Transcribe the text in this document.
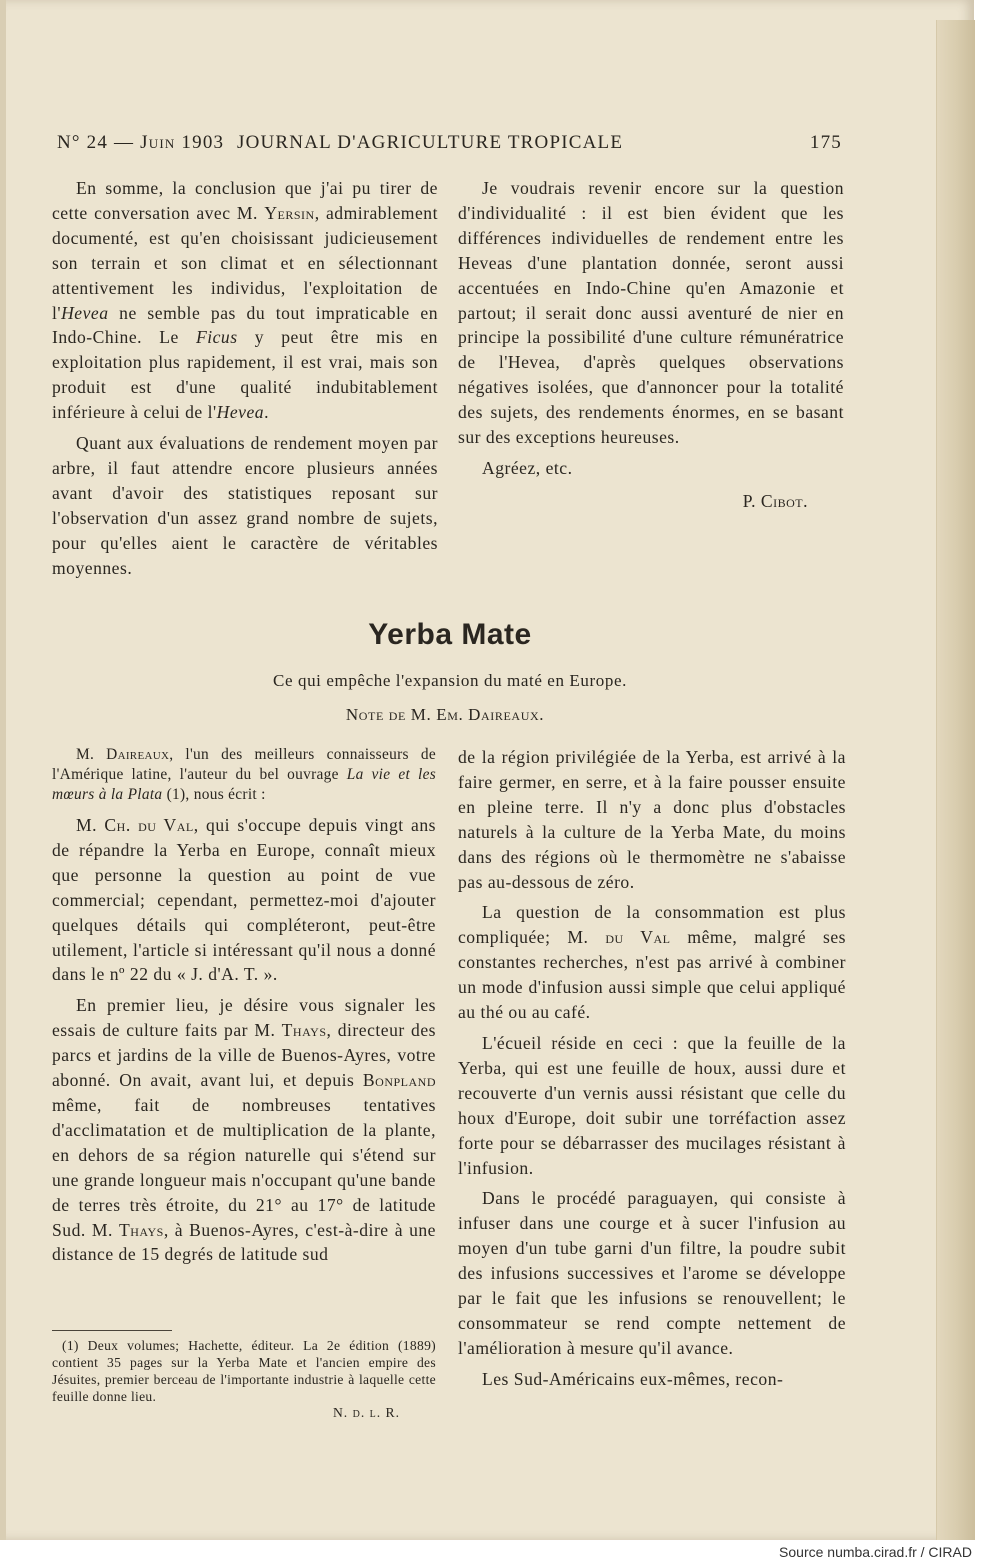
N° 24 — Juin 1903 JOURNAL D'AGRICULTURE TROPICALE	175

En somme, la conclusion que j'ai pu tirer de cette conversation avec M. Yersin, admirablement documenté, est qu'en choisissant judicieusement son terrain et son climat et en sélectionnant attentivement les individus, l'exploitation de l'Hevea ne semble pas du tout impraticable en Indo-Chine. Le Ficus y peut être mis en exploitation plus rapidement, il est vrai, mais son produit est d'une qualité indubitablement inférieure à celui de l'Hevea.

Quant aux évaluations de rendement moyen par arbre, il faut attendre encore plusieurs années avant d'avoir des statistiques reposant sur l'observation d'un assez grand nombre de sujets, pour qu'elles aient le caractère de véritables moyennes.

Je voudrais revenir encore sur la question d'individualité : il est bien évident que les différences individuelles de rendement entre les Heveas d'une plantation donnée, seront aussi accentuées en Indo-Chine qu'en Amazonie et partout; il serait donc aussi aventuré de nier en principe la possibilité d'une culture rémunératrice de l'Hevea, d'après quelques observations négatives isolées, que d'annoncer pour la totalité des sujets, des rendements énormes, en se basant sur des exceptions heureuses.

Agréez, etc.

P. Cibot.
Yerba Mate
Ce qui empêche l'expansion du maté en Europe.
Note de M. Em. Daireaux.

M. Daireaux, l'un des meilleurs connaisseurs de l'Amérique latine, l'auteur du bel ouvrage La vie et les mœurs à la Plata (1), nous écrit :

M. Ch. du Val, qui s'occupe depuis vingt ans de répandre la Yerba en Europe, connaît mieux que personne la question au point de vue commercial; cependant, permettez-moi d'ajouter quelques détails qui compléteront, peut-être utilement, l'article si intéressant qu'il nous a donné dans le nº 22 du « J. d'A. T. ».

En premier lieu, je désire vous signaler les essais de culture faits par M. Thays, directeur des parcs et jardins de la ville de Buenos-Ayres, votre abonné. On avait, avant lui, et depuis Bonpland même, fait de nombreuses tentatives d'acclimatation et de multiplication de la plante, en dehors de sa région naturelle qui s'étend sur une grande longueur mais n'occupant qu'une bande de terres très étroite, du 21° au 17° de latitude Sud. M. Thays, à Buenos-Ayres, c'est-à-dire à une distance de 15 degrés de latitude sud

(1) Deux volumes; Hachette, éditeur. La 2e édition (1889) contient 35 pages sur la Yerba Mate et l'ancien empire des Jésuites, premier berceau de l'importante industrie à laquelle cette feuille donne lieu.
N. d. l. R.

de la région privilégiée de la Yerba, est arrivé à la faire germer, en serre, et à la faire pousser ensuite en pleine terre. Il n'y a donc plus d'obstacles naturels à la culture de la Yerba Mate, du moins dans des régions où le thermomètre ne s'abaisse pas au-dessous de zéro.

La question de la consommation est plus compliquée; M. du Val même, malgré ses constantes recherches, n'est pas arrivé à combiner un mode d'infusion aussi simple que celui appliqué au thé ou au café.

L'écueil réside en ceci : que la feuille de la Yerba, qui est une feuille de houx, aussi dure et recouverte d'un vernis aussi résistant que celle du houx d'Europe, doit subir une torréfaction assez forte pour se débarrasser des mucilages résistant à l'infusion.

Dans le procédé paraguayen, qui consiste à infuser dans une courge et à sucer l'infusion au moyen d'un tube garni d'un filtre, la poudre subit des infusions successives et l'arome se développe par le fait que les infusions se renouvellent; le consommateur se rend compte nettement de l'amélioration à mesure qu'il avance.

Les Sud-Américains eux-mêmes, recon-

Source numba.cirad.fr / CIRAD
